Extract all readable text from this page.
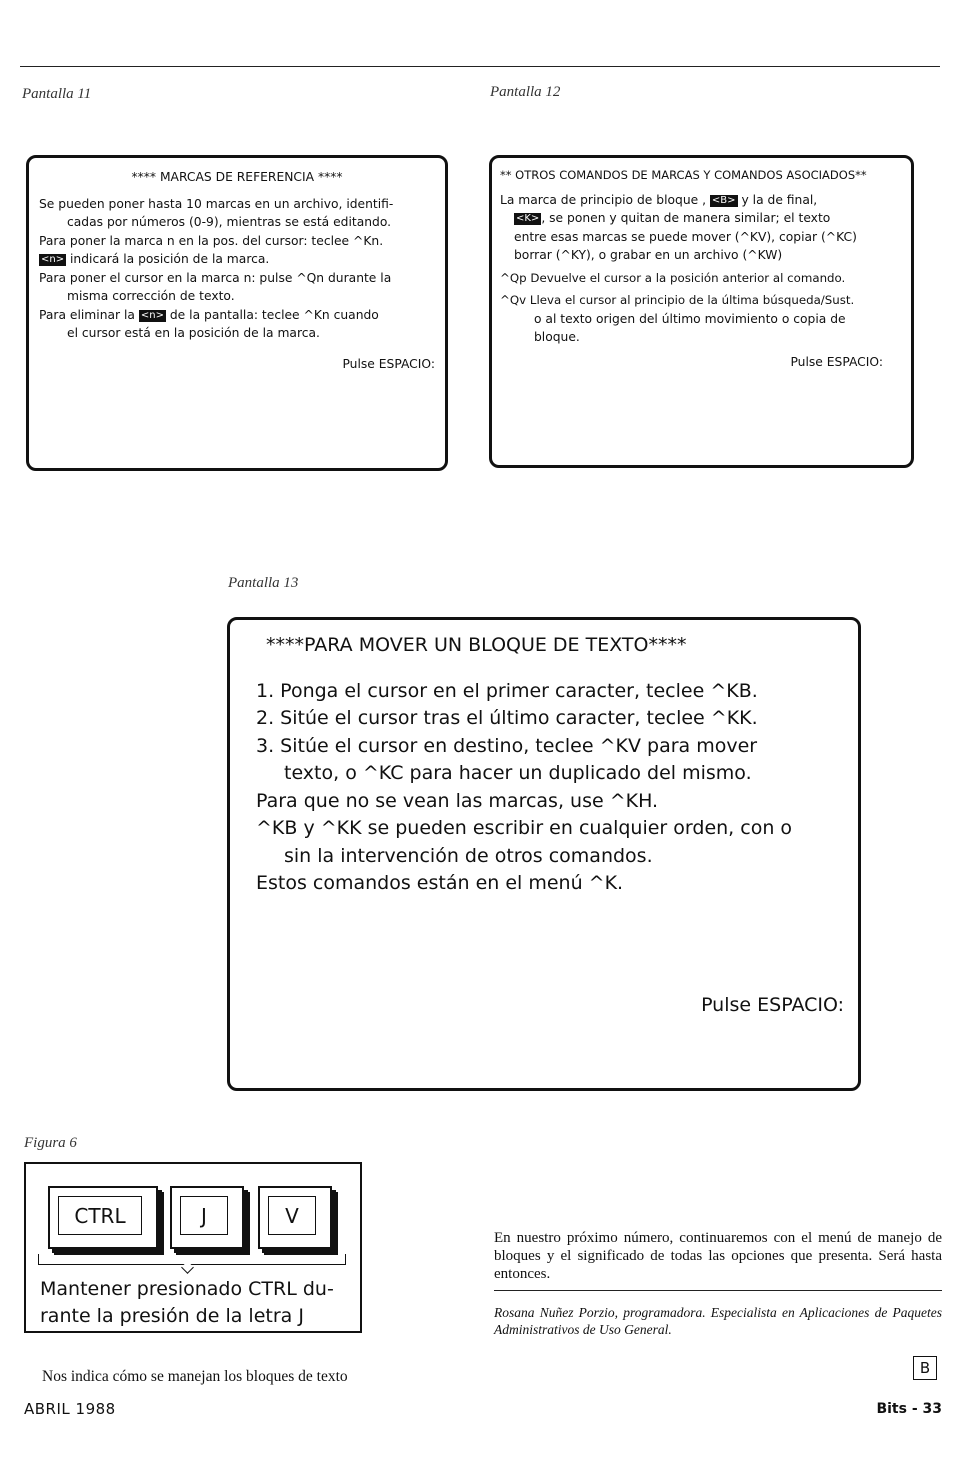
Pantalla 11	Pantalla 12

**** MARCAS DE REFERENCIA ****

Se pueden poner hasta 10 marcas en un archivo, identifi-

cadas por números (0-9), mientras se está editando.

Para poner la marca n en la pos. del cursor: teclee ^Kn.

<n> indicará la posición de la marca.

Para poner el cursor en la marca n: pulse ^Qn durante la

misma corrección de texto.

Para eliminar la <n> de la pantalla: teclee ^Kn cuando

el cursor está en la posición de la marca.

Pulse ESPACIO:

** OTROS COMANDOS DE MARCAS Y COMANDOS ASOCIADOS**

La marca de principio de bloque , <B> y la de final,

<K> , se ponen y quitan de manera similar; el texto

entre esas marcas se puede mover (^KV), copiar (^KC)

borrar (^KY), o grabar en un archivo (^KW)

^Qp Devuelve el cursor a la posición anterior al comando.

^Qv Lleva el cursor al principio de la última búsqueda/Sust.

o al texto origen del último movimiento o copia de

bloque.

Pulse ESPACIO:

Pantalla 13

****PARA MOVER UN BLOQUE DE TEXTO****

1. Ponga el cursor en el primer caracter, teclee ^KB.

2. Sitúe el cursor tras el último caracter, teclee ^KK.

3. Sitúe el cursor en destino, teclee ^KV para mover

texto, o ^KC para hacer un duplicado del mismo.

Para que no se vean las marcas, use ^KH.

^KB y ^KK se pueden escribir en cualquier orden, con o

sin la intervención de otros comandos.

Estos comandos están en el menú ^K.

Pulse ESPACIO:

Figura 6
CTRL	J	V
Mantener presionado CTRL du-
rante la presión de la letra J
En nuestro próximo número, continuaremos con el menú de manejo de bloques y el significado de todas las opciones que presenta. Será hasta entonces.
Rosana Nuñez Porzio, programadora. Especialista en Aplicaciones de Paquetes Administrativos de Uso General.
Nos indica cómo se manejan los bloques de texto	B
ABRIL 1988	Bits - 33
